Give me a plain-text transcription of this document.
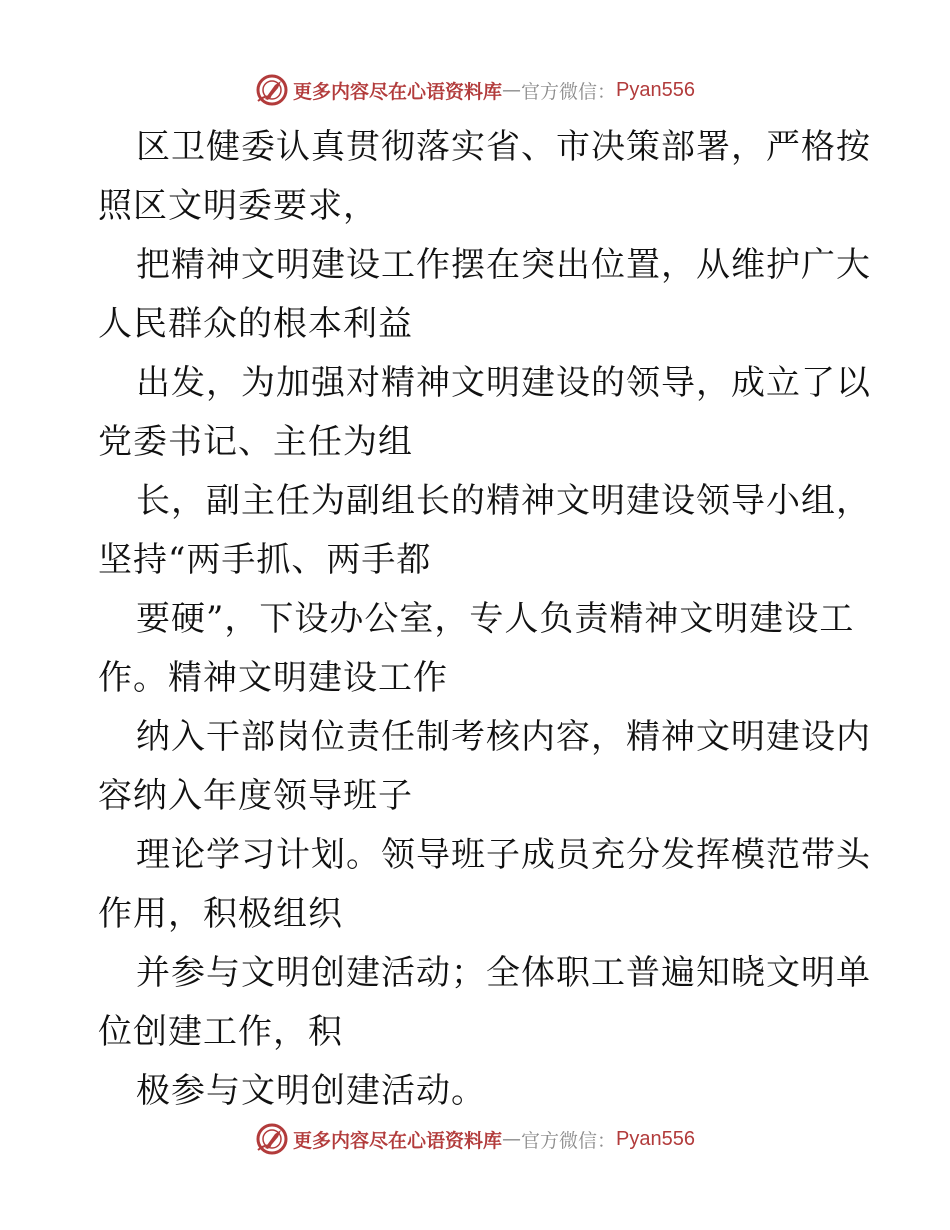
更多内容尽在心语资料库 — 官方微信： Pyan556
区卫健委认真贯彻落实省、市决策部署，严格按
照区文明委要求，
把精神文明建设工作摆在突出位置，从维护广大
人民群众的根本利益
出发，为加强对精神文明建设的领导，成立了以
党委书记、主任为组
长，副主任为副组长的精神文明建设领导小组，
坚持“两手抓、两手都
要硬”，下设办公室，专人负责精神文明建设工
作。精神文明建设工作
纳入干部岗位责任制考核内容，精神文明建设内
容纳入年度领导班子
理论学习计划。领导班子成员充分发挥模范带头
作用，积极组织
并参与文明创建活动；全体职工普遍知晓文明单
位创建工作，积
极参与文明创建活动。
更多内容尽在心语资料库 — 官方微信： Pyan556
